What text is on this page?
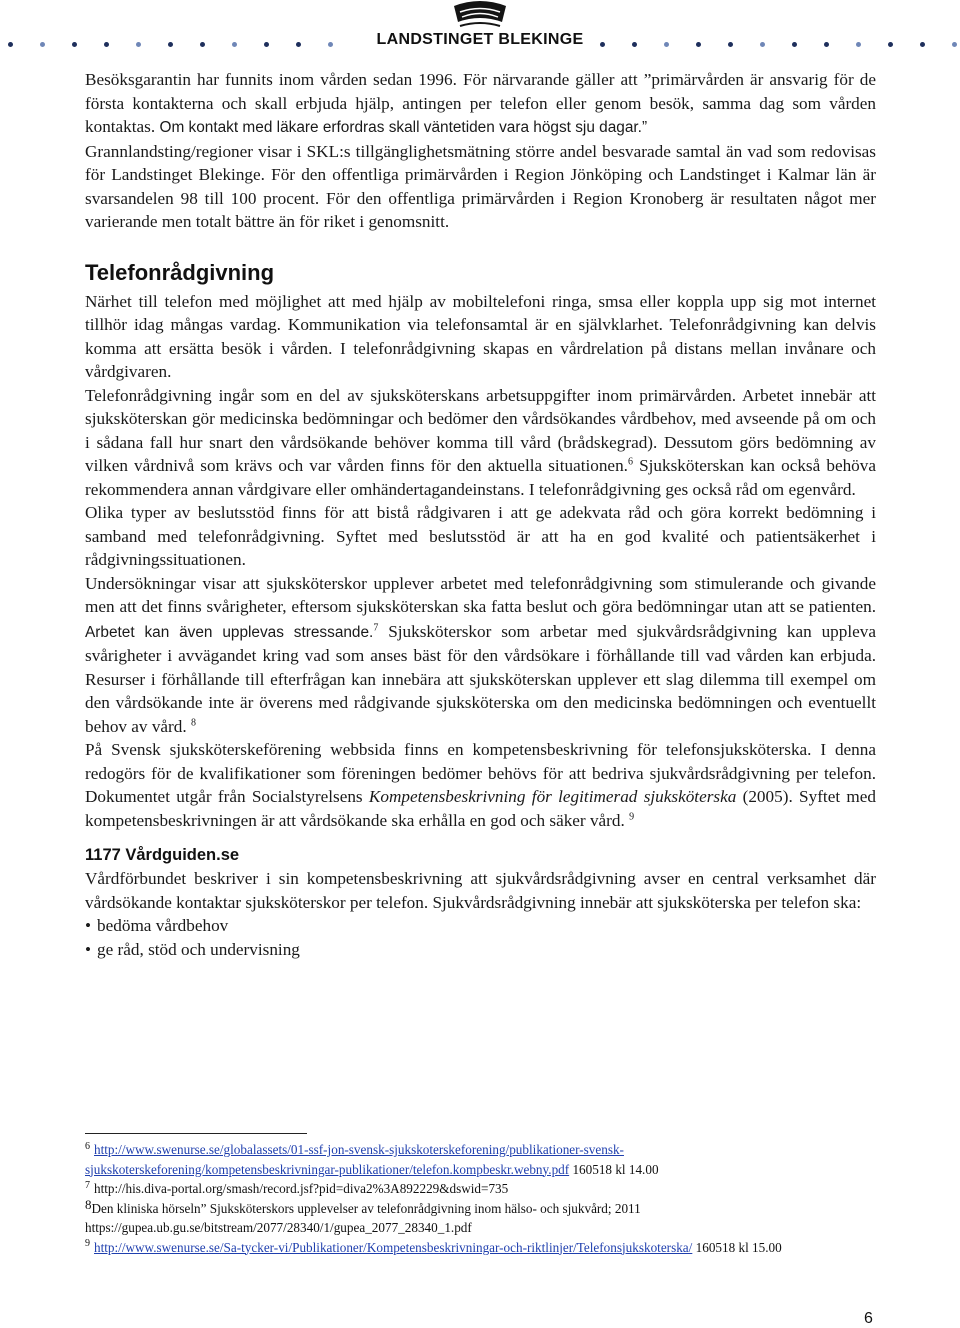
LANDSTINGET BLEKINGE

Besöksgarantin har funnits inom vården sedan 1996. För närvarande gäller att ”primärvården är ansvarig för de första kontakterna och skall erbjuda hjälp, antingen per telefon eller genom besök, samma dag som vården kontaktas. Om kontakt med läkare erfordras skall väntetiden vara högst sju dagar.”

Grannlandsting/regioner visar i SKL:s tillgänglighetsmätning större andel besvarade samtal än vad som redovisas för Landstinget Blekinge. För den offentliga primärvården i Region Jönköping och Landstinget i Kalmar län är svarsandelen 98 till 100 procent. För den offentliga primärvården i Region Kronoberg är resultaten något mer varierande men totalt bättre än för riket i genomsnitt.

Telefonrådgivning

Närhet till telefon med möjlighet att med hjälp av mobiltelefoni ringa, smsa eller koppla upp sig mot internet tillhör idag mångas vardag. Kommunikation via telefonsamtal är en självklarhet. Telefonrådgivning kan delvis komma att ersätta besök i vården. I telefonrådgivning skapas en vårdrelation på distans mellan invånare och vårdgivaren.

Telefonrådgivning ingår som en del av sjuksköterskans arbetsuppgifter inom primärvården. Arbetet innebär att sjuksköterskan gör medicinska bedömningar och bedömer den vårdsökandes vårdbehov, med avseende på om och i sådana fall hur snart den vårdsökande behöver komma till vård (brådskegrad). Dessutom görs bedömning av vilken vårdnivå som krävs och var vården finns för den aktuella situationen.$^6$ Sjuksköterskan kan också behöva rekommendera annan vårdgivare eller omhändertagandeinstans. I telefonrådgivning ges också råd om egenvård.

Olika typer av beslutsstöd finns för att bistå rådgivaren i att ge adekvata råd och göra korrekt bedömning i samband med telefonrådgivning. Syftet med beslutsstöd är att ha en god kvalité och patientsäkerhet i rådgivningssituationen.

Undersökningar visar att sjuksköterskor upplever arbetet med telefonrådgivning som stimulerande och givande men att det finns svårigheter, eftersom sjuksköterskan ska fatta beslut och göra bedömningar utan att se patienten. Arbetet kan även upplevas stressande.$^7$ Sjuksköterskor som arbetar med sjukvårdsrådgivning kan uppleva svårigheter i avvägandet kring vad som anses bäst för den vårdsökare i förhållande till vad vården kan erbjuda. Resurser i förhållande till efterfrågan kan innebära att sjuksköterskan upplever ett slag dilemma till exempel om den vårdsökande inte är överens med rådgivande sjuksköterska om den medicinska bedömningen och eventuellt behov av vård. $^8$

På Svensk sjuksköterskeförening webbsida finns en kompetensbeskrivning för telefonsjuksköterska. I denna redogörs för de kvalifikationer som föreningen bedömer behövs för att bedriva sjukvårdsrådgivning per telefon. Dokumentet utgår från Socialstyrelsens Kompetensbeskrivning för legitimerad sjuksköterska (2005). Syftet med kompetensbeskrivningen är att vårdsökande ska erhålla en god och säker vård. $^9$

1177 Vårdguiden.se

Vårdförbundet beskriver i sin kompetensbeskrivning att sjukvårdsrådgivning avser en central verksamhet där vårdsökande kontaktar sjuksköterskor per telefon. Sjukvårdsrådgivning innebär att sjuksköterska per telefon ska:

• bedöma vårdbehov
• ge råd, stöd och undervisning

$^6$ http://www.swenurse.se/globalassets/01-ssf-jon-svensk-sjukskoterskeforening/publikationer-svensk-sjukskoterskeforening/kompetensbeskrivningar-publikationer/telefon.kompbeskr.webny.pdf 160518 kl 14.00

$^7$ http://his.diva-portal.org/smash/record.jsf?pid=diva2%3A892229&dswid=735

8Den kliniska hörseln” Sjuksköterskors upplevelser av telefonrådgivning inom hälso- och sjukvård; 2011 https://gupea.ub.gu.se/bitstream/2077/28340/1/gupea_2077_28340_1.pdf

$^9$ http://www.swenurse.se/Sa-tycker-vi/Publikationer/Kompetensbeskrivningar-och-riktlinjer/Telefonsjukskoterska/ 160518 kl 15.00

6
